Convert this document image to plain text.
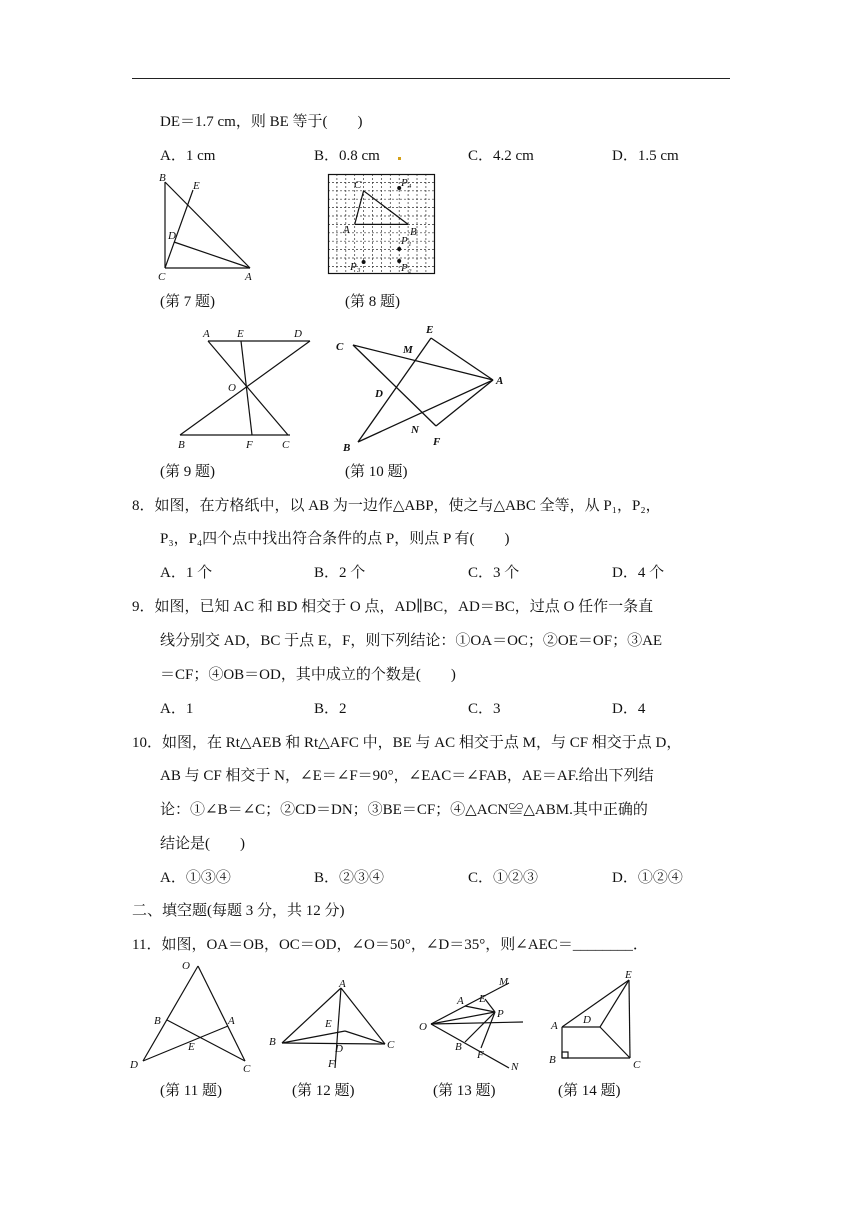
DE＝1.7 cm，则 BE 等于(　　)
A．1 cm	B．0.8 cm	C．4.2 cm	D．1.5 cm
B
E
D
C	A
(第 7 题)
C	P₄
A	B
P₁
P₂
P₃
(第 8 题)
A E	D
O
B	F	C
(第 9 题)
E
C	M
A
D
B
N
F
(第 10 题)
8．如图，在方格纸中，以 AB 为一边作△ABP，使之与△ABC 全等，从 P₁，P₂，
P₃，P₄四个点中找出符合条件的点 P，则点 P 有(　　)
A．1 个	B．2 个	C．3 个	D．4 个
9．如图，已知 AC 和 BD 相交于 O 点，AD∥BC，AD＝BC，过点 O 任作一条直
线分别交 AD，BC 于点 E，F，则下列结论：①OA＝OC；②OE＝OF；③AE
＝CF；④OB＝OD，其中成立的个数是(　　)
A．1	B．2	C．3	D．4
10．如图，在 Rt△AEB 和 Rt△AFC 中，BE 与 AC 相交于点 M，与 CF 相交于点 D，
AB 与 CF 相交于 N，∠E＝∠F＝90°，∠EAC＝∠FAB，AE＝AF.给出下列结
论：①∠B＝∠C；②CD＝DN；③BE＝CF；④△ACN≌△ABM.其中正确的
结论是(　　)
A．①③④	B．②③④	C．①②③	D．①②④
二、填空题(每题 3 分，共 12 分)
11．如图，OA＝OB，OC＝OD，∠O＝50°，∠D＝35°，则∠AEC＝________．
O
B	A
E
D	C
(第 11 题)
A
E
B
D	C
F
(第 12 题)
M
E
A
O
P
B
F
N
(第 13 题)
E
A D
B	C
(第 14 题)
